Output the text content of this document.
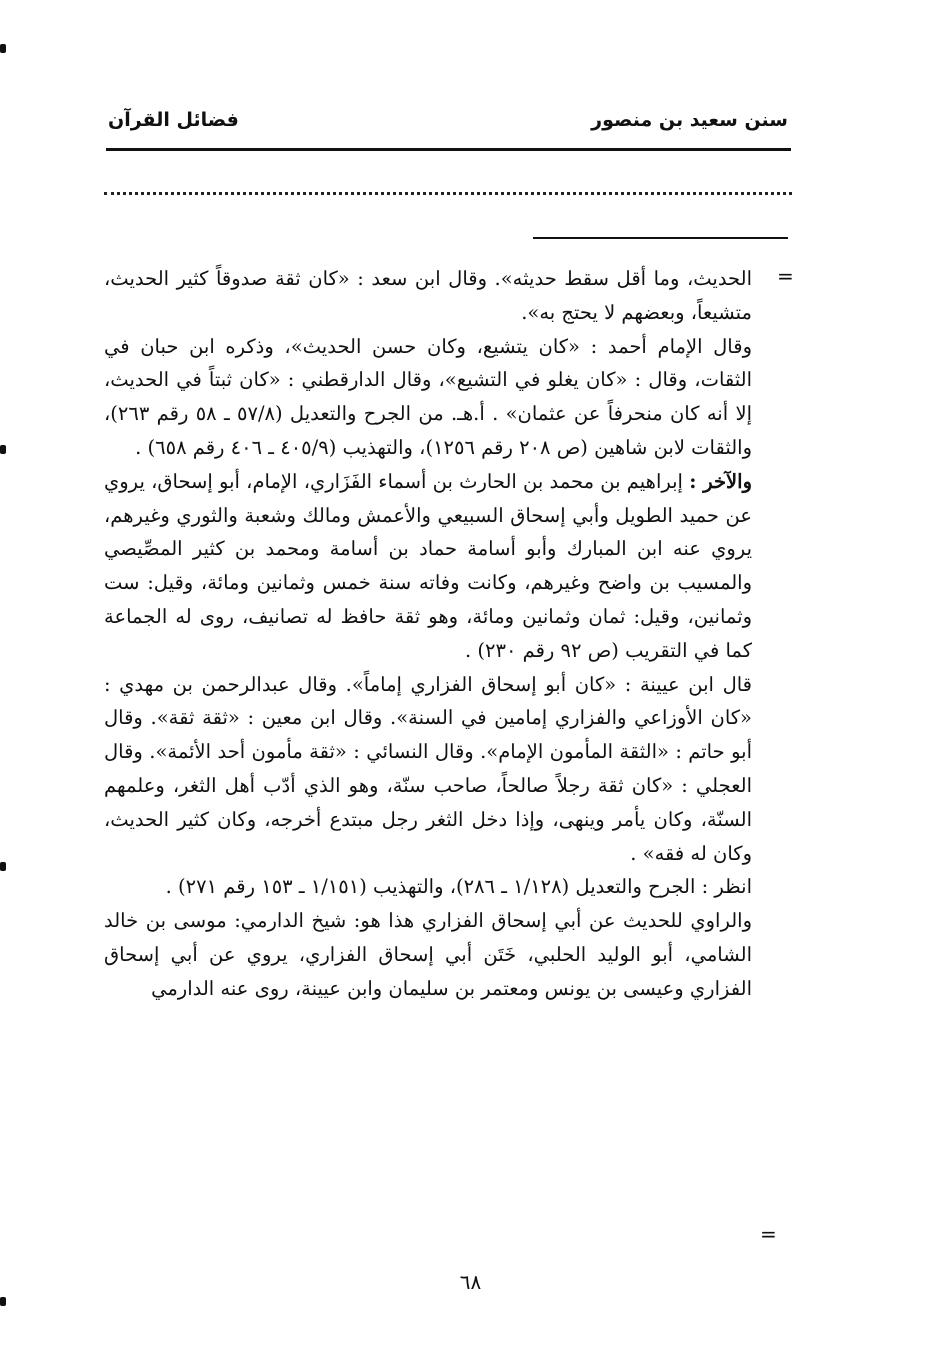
سنن سعيد بن منصور
فضائل القرآن
=

الحديث، وما أقل سقط حديثه». وقال ابن سعد : «كان ثقة صدوقاً كثير الحديث، متشيعاً، وبعضهم لا يحتج به».

وقال الإمام أحمد : «كان يتشيع، وكان حسن الحديث»، وذكره ابن حبان في الثقات، وقال : «كان يغلو في التشيع»، وقال الدارقطني : «كان ثبتاً في الحديث، إلا أنه كان منحرفاً عن عثمان» . أ.هـ. من الجرح والتعديل (٥٧/٨ ـ ٥٨ رقم ٢٦٣)، والثقات لابن شاهين (ص ٢٠٨ رقم ١٢٥٦)، والتهذيب (٤٠٥/٩ ـ ٤٠٦ رقم ٦٥٨) .

والآخر : إبراهيم بن محمد بن الحارث بن أسماء الفَزَاري، الإمام، أبو إسحاق، يروي عن حميد الطويل وأبي إسحاق السبيعي والأعمش ومالك وشعبة والثوري وغيرهم، يروي عنه ابن المبارك وأبو أسامة حماد بن أسامة ومحمد بن كثير المصِّيصي والمسيب بن واضح وغيرهم، وكانت وفاته سنة خمس وثمانين ومائة، وقيل: ست وثمانين، وقيل: ثمان وثمانين ومائة، وهو ثقة حافظ له تصانيف، روى له الجماعة كما في التقريب (ص ٩٢ رقم ٢٣٠) .

قال ابن عيينة : «كان أبو إسحاق الفزاري إماماً». وقال عبدالرحمن بن مهدي : «كان الأوزاعي والفزاري إمامين في السنة». وقال ابن معين : «ثقة ثقة». وقال أبو حاتم : «الثقة المأمون الإمام». وقال النسائي : «ثقة مأمون أحد الأئمة». وقال العجلي : «كان ثقة رجلاً صالحاً، صاحب سنّة، وهو الذي أدّب أهل الثغر، وعلمهم السنّة، وكان يأمر وينهى، وإذا دخل الثغر رجل مبتدع أخرجه، وكان كثير الحديث، وكان له فقه» .

انظر : الجرح والتعديل (١/١٢٨ ـ ٢٨٦)، والتهذيب (١/١٥١ ـ ١٥٣ رقم ٢٧١) .

والراوي للحديث عن أبي إسحاق الفزاري هذا هو: شيخ الدارمي: موسى بن خالد الشامي، أبو الوليد الحلبي، خَتَن أبي إسحاق الفزاري، يروي عن أبي إسحاق الفزاري وعيسى بن يونس ومعتمر بن سليمان وابن عيينة، روى عنه الدارمي

=
٦٨
